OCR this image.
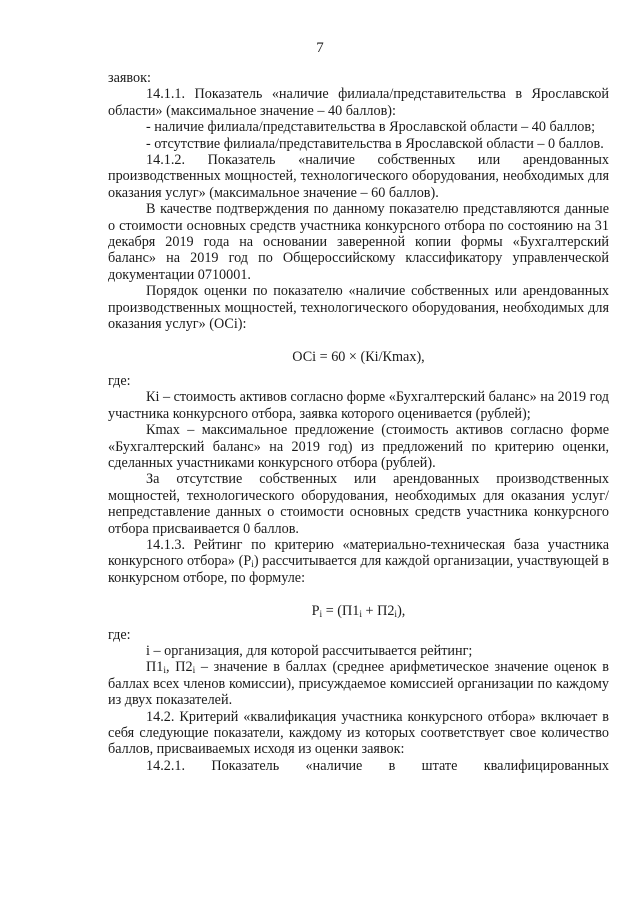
7

заявок:

14.1.1. Показатель «наличие филиала/представительства в Ярославской области» (максимальное значение – 40 баллов):

- наличие филиала/представительства в Ярославской области – 40 баллов;

- отсутствие филиала/представительства в Ярославской области – 0 баллов.

14.1.2. Показатель «наличие собственных или арендованных производственных мощностей, технологического оборудования, необходимых для оказания услуг» (максимальное значение – 60 баллов).

В качестве подтверждения по данному показателю представляются данные о стоимости основных средств участника конкурсного отбора по состоянию на 31 декабря 2019 года на основании заверенной копии формы «Бухгалтерский баланс» на 2019 год по Общероссийскому классификатору управленческой документации 0710001.

Порядок оценки по показателю «наличие собственных или арендованных производственных мощностей, технологического оборудования, необходимых для оказания услуг» (ОСi):

ОСi = 60 × (Кi/Кmax),

где:

Кi – стоимость активов согласно форме «Бухгалтерский баланс» на 2019 год участника конкурсного отбора, заявка которого оценивается (рублей);

Кmax – максимальное предложение (стоимость активов согласно форме «Бухгалтерский баланс» на 2019 год) из предложений по критерию оценки, сделанных участниками конкурсного отбора (рублей).

За отсутствие собственных или арендованных производственных мощностей, технологического оборудования, необходимых для оказания услуг/ непредставление данных о стоимости основных средств участника конкурсного отбора присваивается 0 баллов.

14.1.3. Рейтинг по критерию «материально-техническая база участника конкурсного отбора» $(Р_i)$ рассчитывается для каждой организации, участвующей в конкурсном отборе, по формуле:

$Р_i = (П1_i + П2_i)$,

где:

i – организация, для которой рассчитывается рейтинг;

$П1_i$, $П2_i$ – значение в баллах (среднее арифметическое значение оценок в баллах всех членов комиссии), присуждаемое комиссией организации по каждому из двух показателей.

14.2. Критерий «квалификация участника конкурсного отбора» включает в себя следующие показатели, каждому из которых соответствует свое количество баллов, присваиваемых исходя из оценки заявок:

14.2.1. Показатель «наличие в штате квалифицированных
